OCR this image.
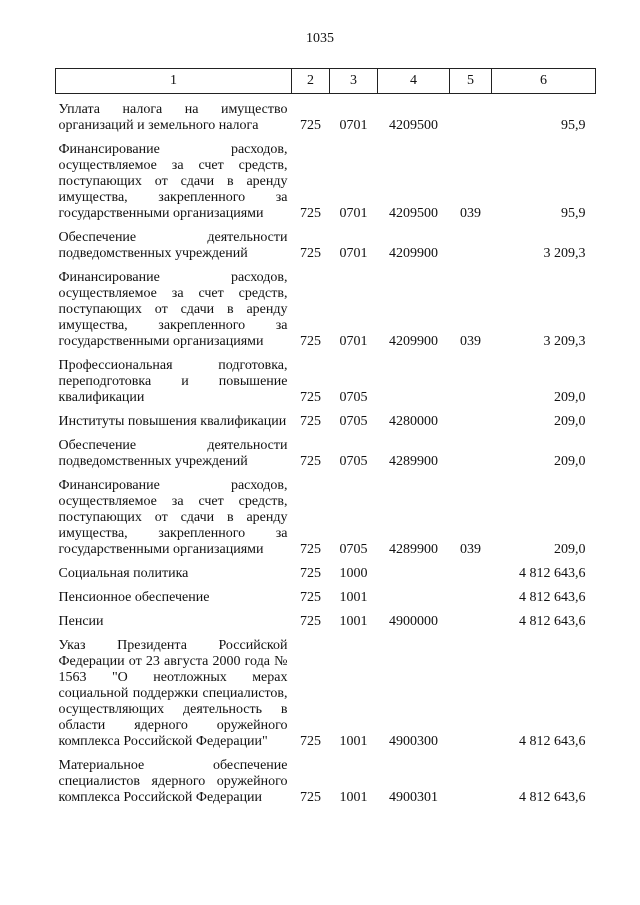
1035
1	2	3	4	5	6

Уплата налога на имущество организаций и земельного налога	725	0701	4209500		95,9

Финансирование расходов, осуществляемое за счет средств, поступающих от сдачи в аренду имущества, закрепленного за государственными организациями	725	0701	4209500	039	95,9

Обеспечение деятельности подведомственных учреждений	725	0701	4209900		3 209,3

Финансирование расходов, осуществляемое за счет средств, поступающих от сдачи в аренду имущества, закрепленного за государственными организациями	725	0701	4209900	039	3 209,3

Профессиональная подготовка, переподготовка и повышение квалификации	725	0705			209,0

Институты повышения квалификации	725	0705	4280000		209,0

Обеспечение деятельности подведомственных учреждений	725	0705	4289900		209,0

Финансирование расходов, осуществляемое за счет средств, поступающих от сдачи в аренду имущества, закрепленного за государственными организациями	725	0705	4289900	039	209,0

Социальная политика	725	1000			4 812 643,6

Пенсионное обеспечение	725	1001			4 812 643,6

Пенсии	725	1001	4900000		4 812 643,6

Указ Президента Российской Федерации от 23 августа 2000 года № 1563 "О неотложных мерах социальной поддержки специалистов, осуществляющих деятельность в области ядерного оружейного комплекса Российской Федерации"	725	1001	4900300		4 812 643,6

Материальное обеспечение специалистов ядерного оружейного комплекса Российской Федерации	725	1001	4900301		4 812 643,6
